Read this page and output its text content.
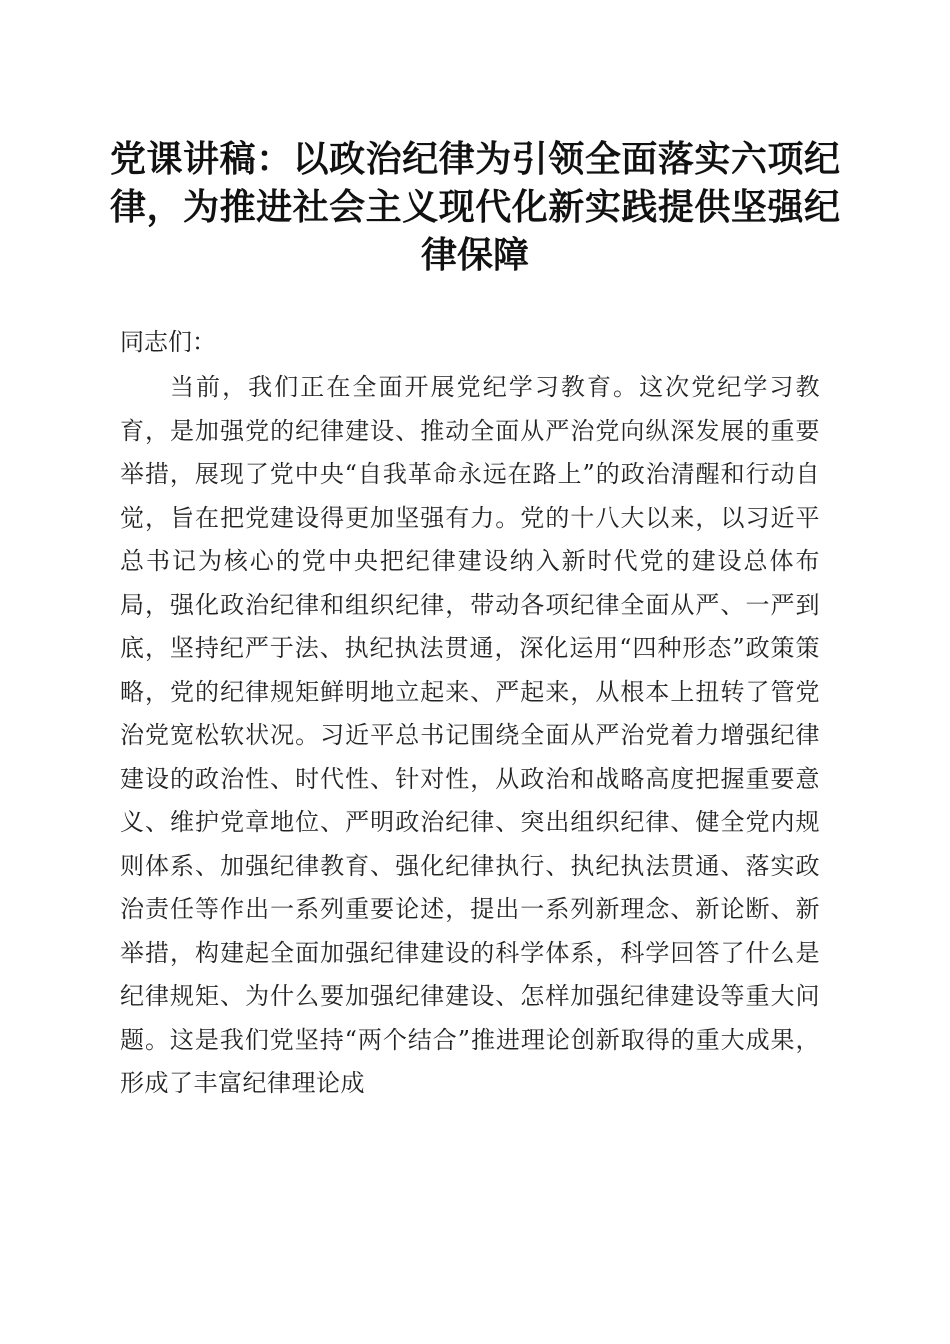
党课讲稿：以政治纪律为引领全面落实六项纪律，为推进社会主义现代化新实践提供坚强纪律保障

同志们：

当前，我们正在全面开展党纪学习教育。这次党纪学习教育，是加强党的纪律建设、推动全面从严治党向纵深发展的重要举措，展现了党中央“自我革命永远在路上”的政治清醒和行动自觉，旨在把党建设得更加坚强有力。党的十八大以来，以习近平总书记为核心的党中央把纪律建设纳入新时代党的建设总体布局，强化政治纪律和组织纪律，带动各项纪律全面从严、一严到底，坚持纪严于法、执纪执法贯通，深化运用“四种形态”政策策略，党的纪律规矩鲜明地立起来、严起来，从根本上扭转了管党治党宽松软状况。习近平总书记围绕全面从严治党着力增强纪律建设的政治性、时代性、针对性，从政治和战略高度把握重要意义、维护党章地位、严明政治纪律、突出组织纪律、健全党内规则体系、加强纪律教育、强化纪律执行、执纪执法贯通、落实政治责任等作出一系列重要论述，提出一系列新理念、新论断、新举措，构建起全面加强纪律建设的科学体系，科学回答了什么是纪律规矩、为什么要加强纪律建设、怎样加强纪律建设等重大问题。这是我们党坚持“两个结合”推进理论创新取得的重大成果，形成了丰富纪律理论成
